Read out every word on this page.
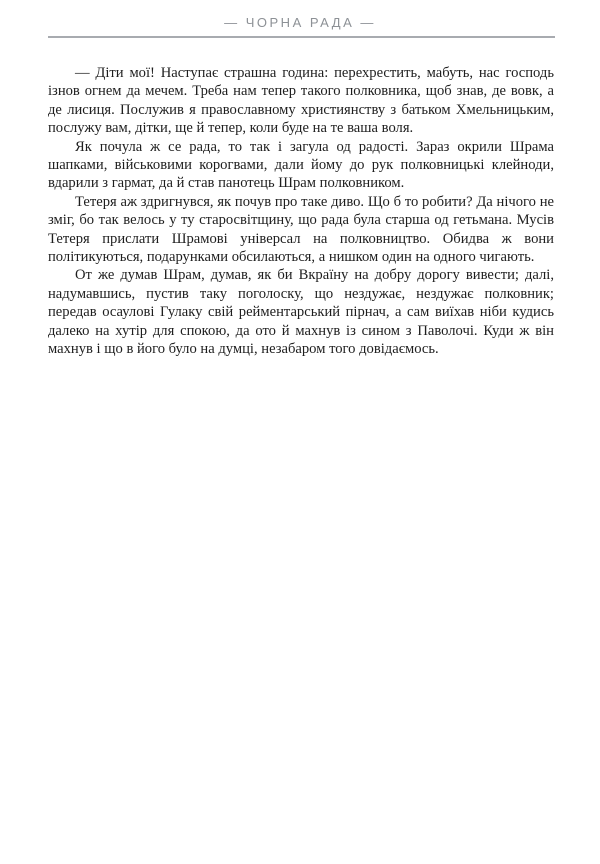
— ЧОРНА РАДА —

— Діти мої! Наступає страшна година: перехрестить, мабуть, нас господь ізнов огнем да мечем. Треба нам тепер такого полковника, щоб знав, де вовк, а де лисиця. Послужив я православному християнству з батьком Хмельницьким, послужу вам, дітки, ще й тепер, коли буде на те ваша воля.

Як почула ж се рада, то так і загула од радості. Зараз окрили Шрама шапками, військовими корогвами, дали йому до рук полковницькі клейноди, вдарили з гармат, да й став панотець Шрам полковником.

Тетеря аж здригнувся, як почув про таке диво. Що б то робити? Да нічого не зміг, бо так велось у ту старосвітщину, що рада була старша од гетьмана. Мусів Тетеря прислати Шрамові універсал на полковництво. Обидва ж вони політикуються, подарунками обсилаються, а нишком один на одного чигають.

От же думав Шрам, думав, як би Вкраїну на добру дорогу вивести; далі, надумавшись, пустив таку поголоску, що нездужає, нездужає полковник; передав осаулові Гулаку свій рейментарський пірнач, а сам виїхав ніби кудись далеко на хутір для спокою, да ото й махнув із сином з Паволочі. Куди ж він махнув і що в його було на думці, незабаром того довідаємось.
